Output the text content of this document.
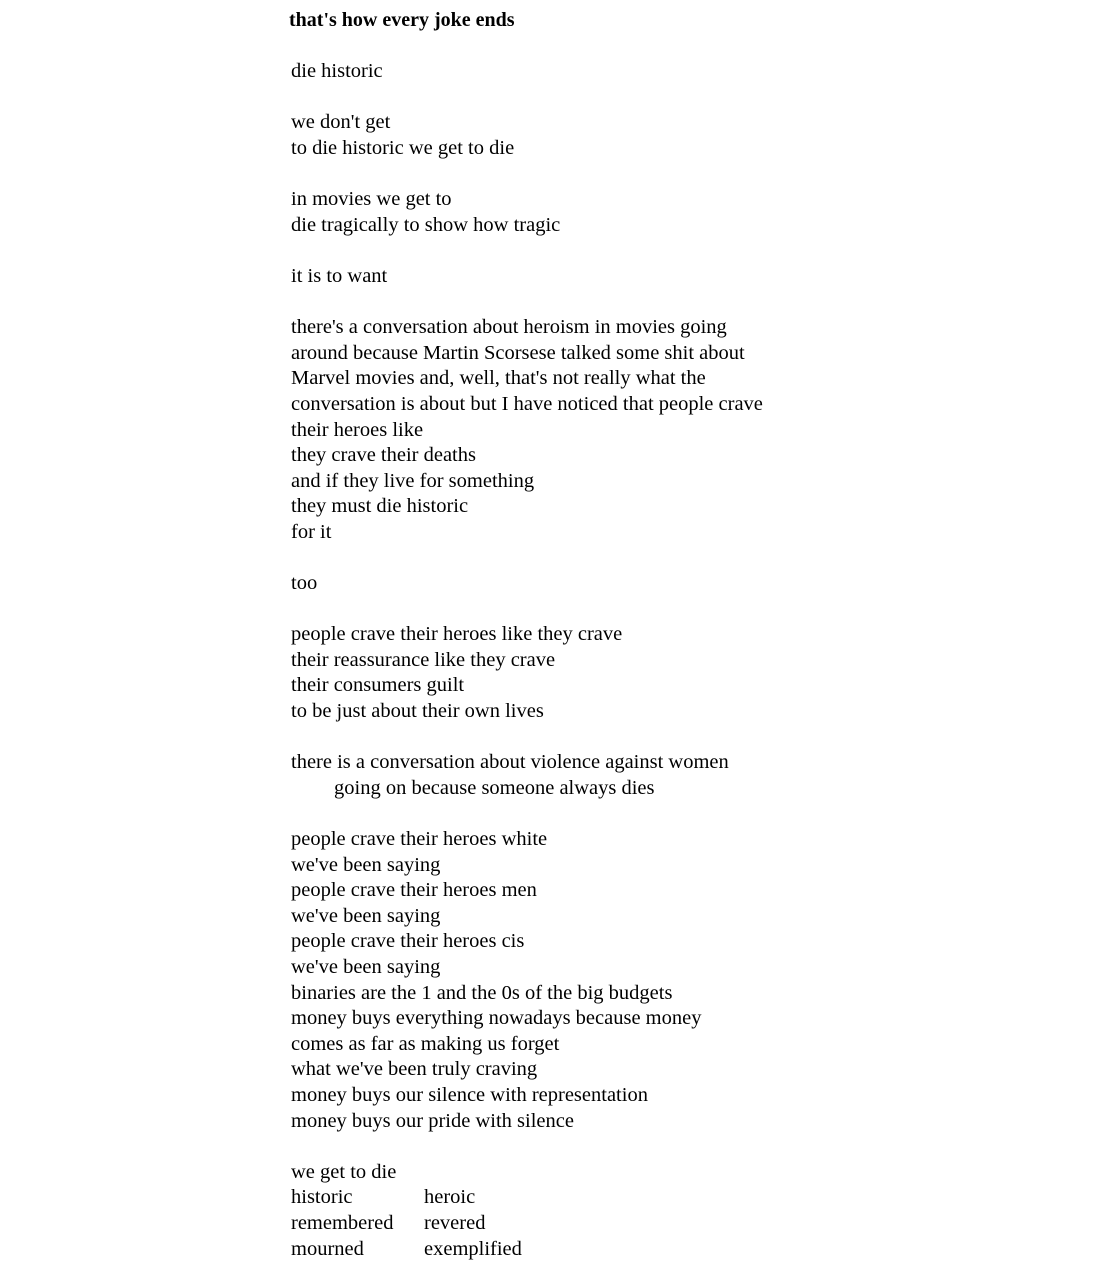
that's how every joke ends
die historic
we don't get
to die historic we get to die
in movies we get to
die tragically to show how tragic
it is to want
there's a conversation about heroism in movies going
around because Martin Scorsese talked some shit about
Marvel movies and, well, that's not really what the
conversation is about but I have noticed that people crave
their heroes like
they crave their deaths
and if they live for something
they must die historic
for it
too
people crave their heroes like they crave
their reassurance like they crave
their consumers guilt
to be just about their own lives
there is a conversation about violence against women
going on because someone always dies
people crave their heroes white
we've been saying
people crave their heroes men
we've been saying
people crave their heroes cis
we've been saying
binaries are the 1 and the 0s of the big budgets
money buys everything nowadays because money
comes as far as making us forget
what we've been truly craving
money buys our silence with representation
money buys our pride with silence
we get to die
historic	heroic
remembered	revered
mourned	exemplified
